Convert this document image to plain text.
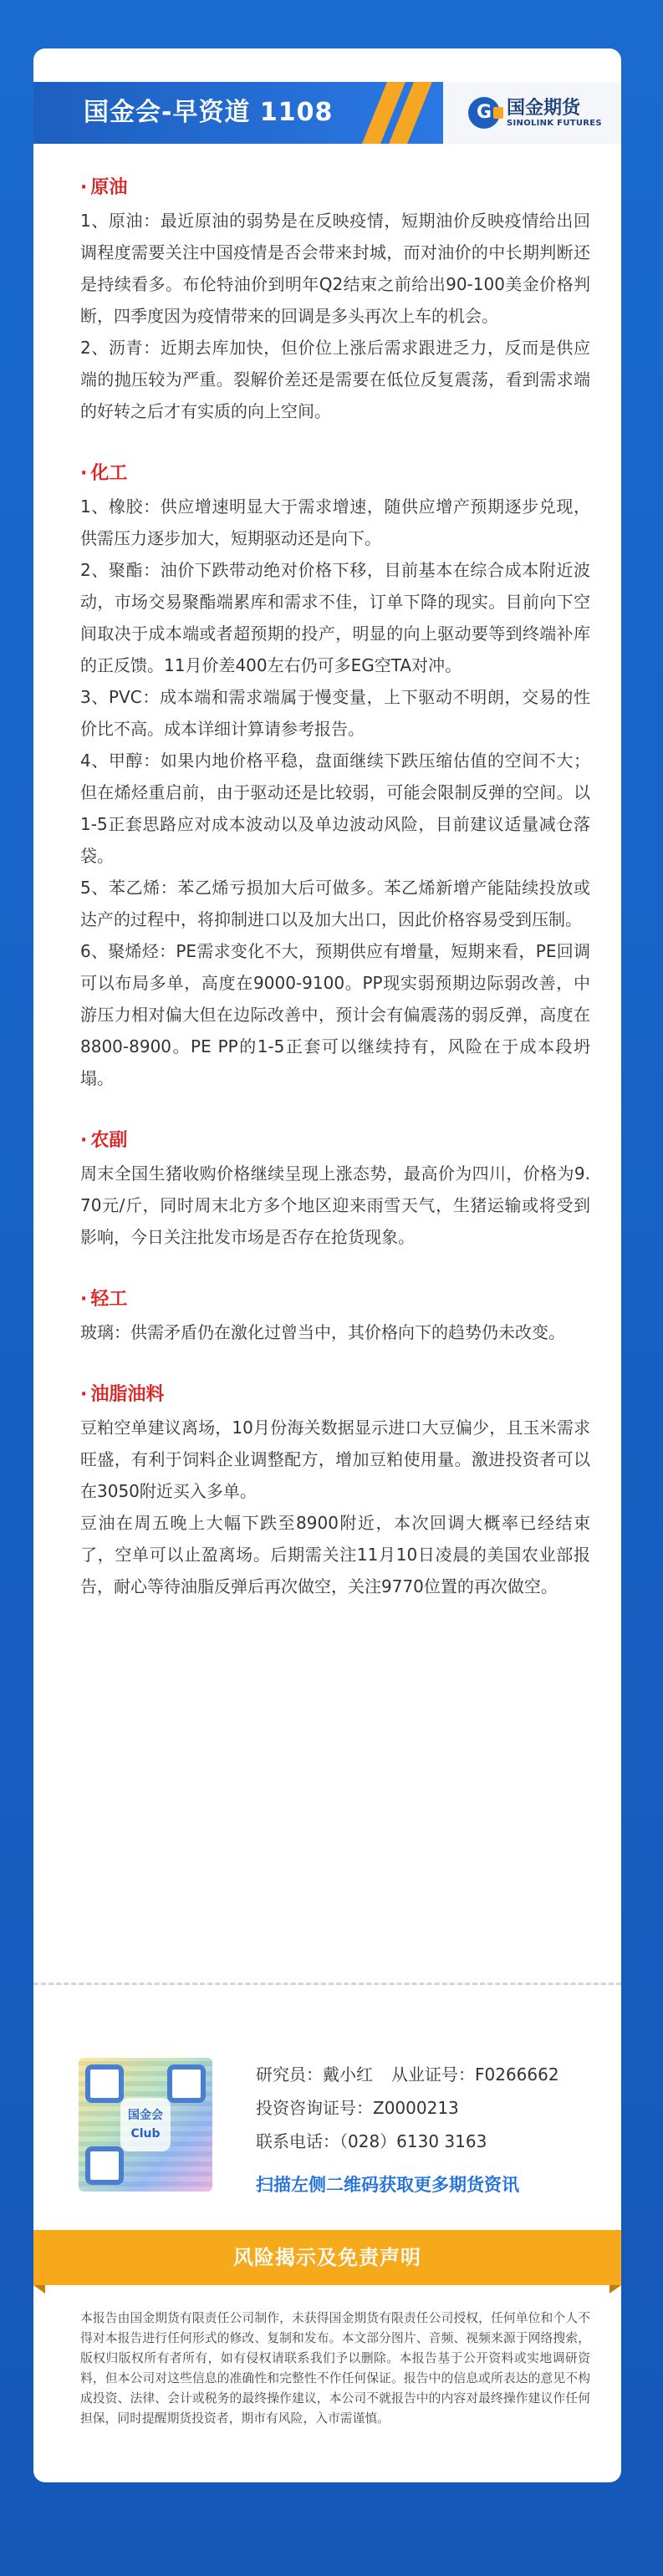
国金会-早资道 1108	G 国金期货
SINOLINK FUTURES

· 原油

1、原油：最近原油的弱势是在反映疫情，短期油价反映疫情给出回调程度需要关注中国疫情是否会带来封城，而对油价的中长期判断还是持续看多。布伦特油价到明年Q2结束之前给出90-100美金价格判断，四季度因为疫情带来的回调是多头再次上车的机会。

2、沥青：近期去库加快，但价位上涨后需求跟进乏力，反而是供应端的抛压较为严重。裂解价差还是需要在低位反复震荡，看到需求端的好转之后才有实质的向上空间。

· 化工

1、橡胶：供应增速明显大于需求增速，随供应增产预期逐步兑现，供需压力逐步加大，短期驱动还是向下。

2、聚酯：油价下跌带动绝对价格下移，目前基本在综合成本附近波动，市场交易聚酯端累库和需求不佳，订单下降的现实。目前向下空间取决于成本端或者超预期的投产，明显的向上驱动要等到终端补库的正反馈。11月价差400左右仍可多EG空TA对冲。

3、PVC：成本端和需求端属于慢变量，上下驱动不明朗，交易的性价比不高。成本详细计算请参考报告。

4、甲醇：如果内地价格平稳，盘面继续下跌压缩估值的空间不大；但在烯烃重启前，由于驱动还是比较弱，可能会限制反弹的空间。以1-5正套思路应对成本波动以及单边波动风险，目前建议适量减仓落袋。

5、苯乙烯：苯乙烯亏损加大后可做多。苯乙烯新增产能陆续投放或达产的过程中，将抑制进口以及加大出口，因此价格容易受到压制。

6、聚烯烃：PE需求变化不大，预期供应有增量，短期来看，PE回调可以布局多单，高度在9000-9100。PP现实弱预期边际弱改善，中游压力相对偏大但在边际改善中，预计会有偏震荡的弱反弹，高度在8800-8900。PE PP的1-5正套可以继续持有，风险在于成本段坍塌。

· 农副

周末全国生猪收购价格继续呈现上涨态势，最高价为四川，价格为9.70元/斤，同时周末北方多个地区迎来雨雪天气，生猪运输或将受到影响，今日关注批发市场是否存在抢货现象。

· 轻工

玻璃：供需矛盾仍在激化过曾当中，其价格向下的趋势仍未改变。

· 油脂油料

豆粕空单建议离场，10月份海关数据显示进口大豆偏少，且玉米需求旺盛，有利于饲料企业调整配方，增加豆粕使用量。激进投资者可以在3050附近买入多单。

豆油在周五晚上大幅下跌至8900附近，本次回调大概率已经结束了，空单可以止盈离场。后期需关注11月10日凌晨的美国农业部报告，耐心等待油脂反弹后再次做空，关注9770位置的再次做空。

国金会
Club

研究员：戴小红 从业证号：F0266662

投资咨询证号：Z0000213

联系电话：（028）6130 3163

扫描左侧二维码获取更多期货资讯

风险揭示及免责声明
本报告由国金期货有限责任公司制作，未获得国金期货有限责任公司授权，任何单位和个人不得对本报告进行任何形式的修改、复制和发布。本文部分图片、音频、视频来源于网络搜索，版权归版权所有者所有，如有侵权请联系我们予以删除。本报告基于公开资料或实地调研资料，但本公司对这些信息的准确性和完整性不作任何保证。报告中的信息或所表达的意见不构成投资、法律、会计或税务的最终操作建议，本公司不就报告中的内容对最终操作建议作任何担保，同时提醒期货投资者，期市有风险，入市需谨慎。
